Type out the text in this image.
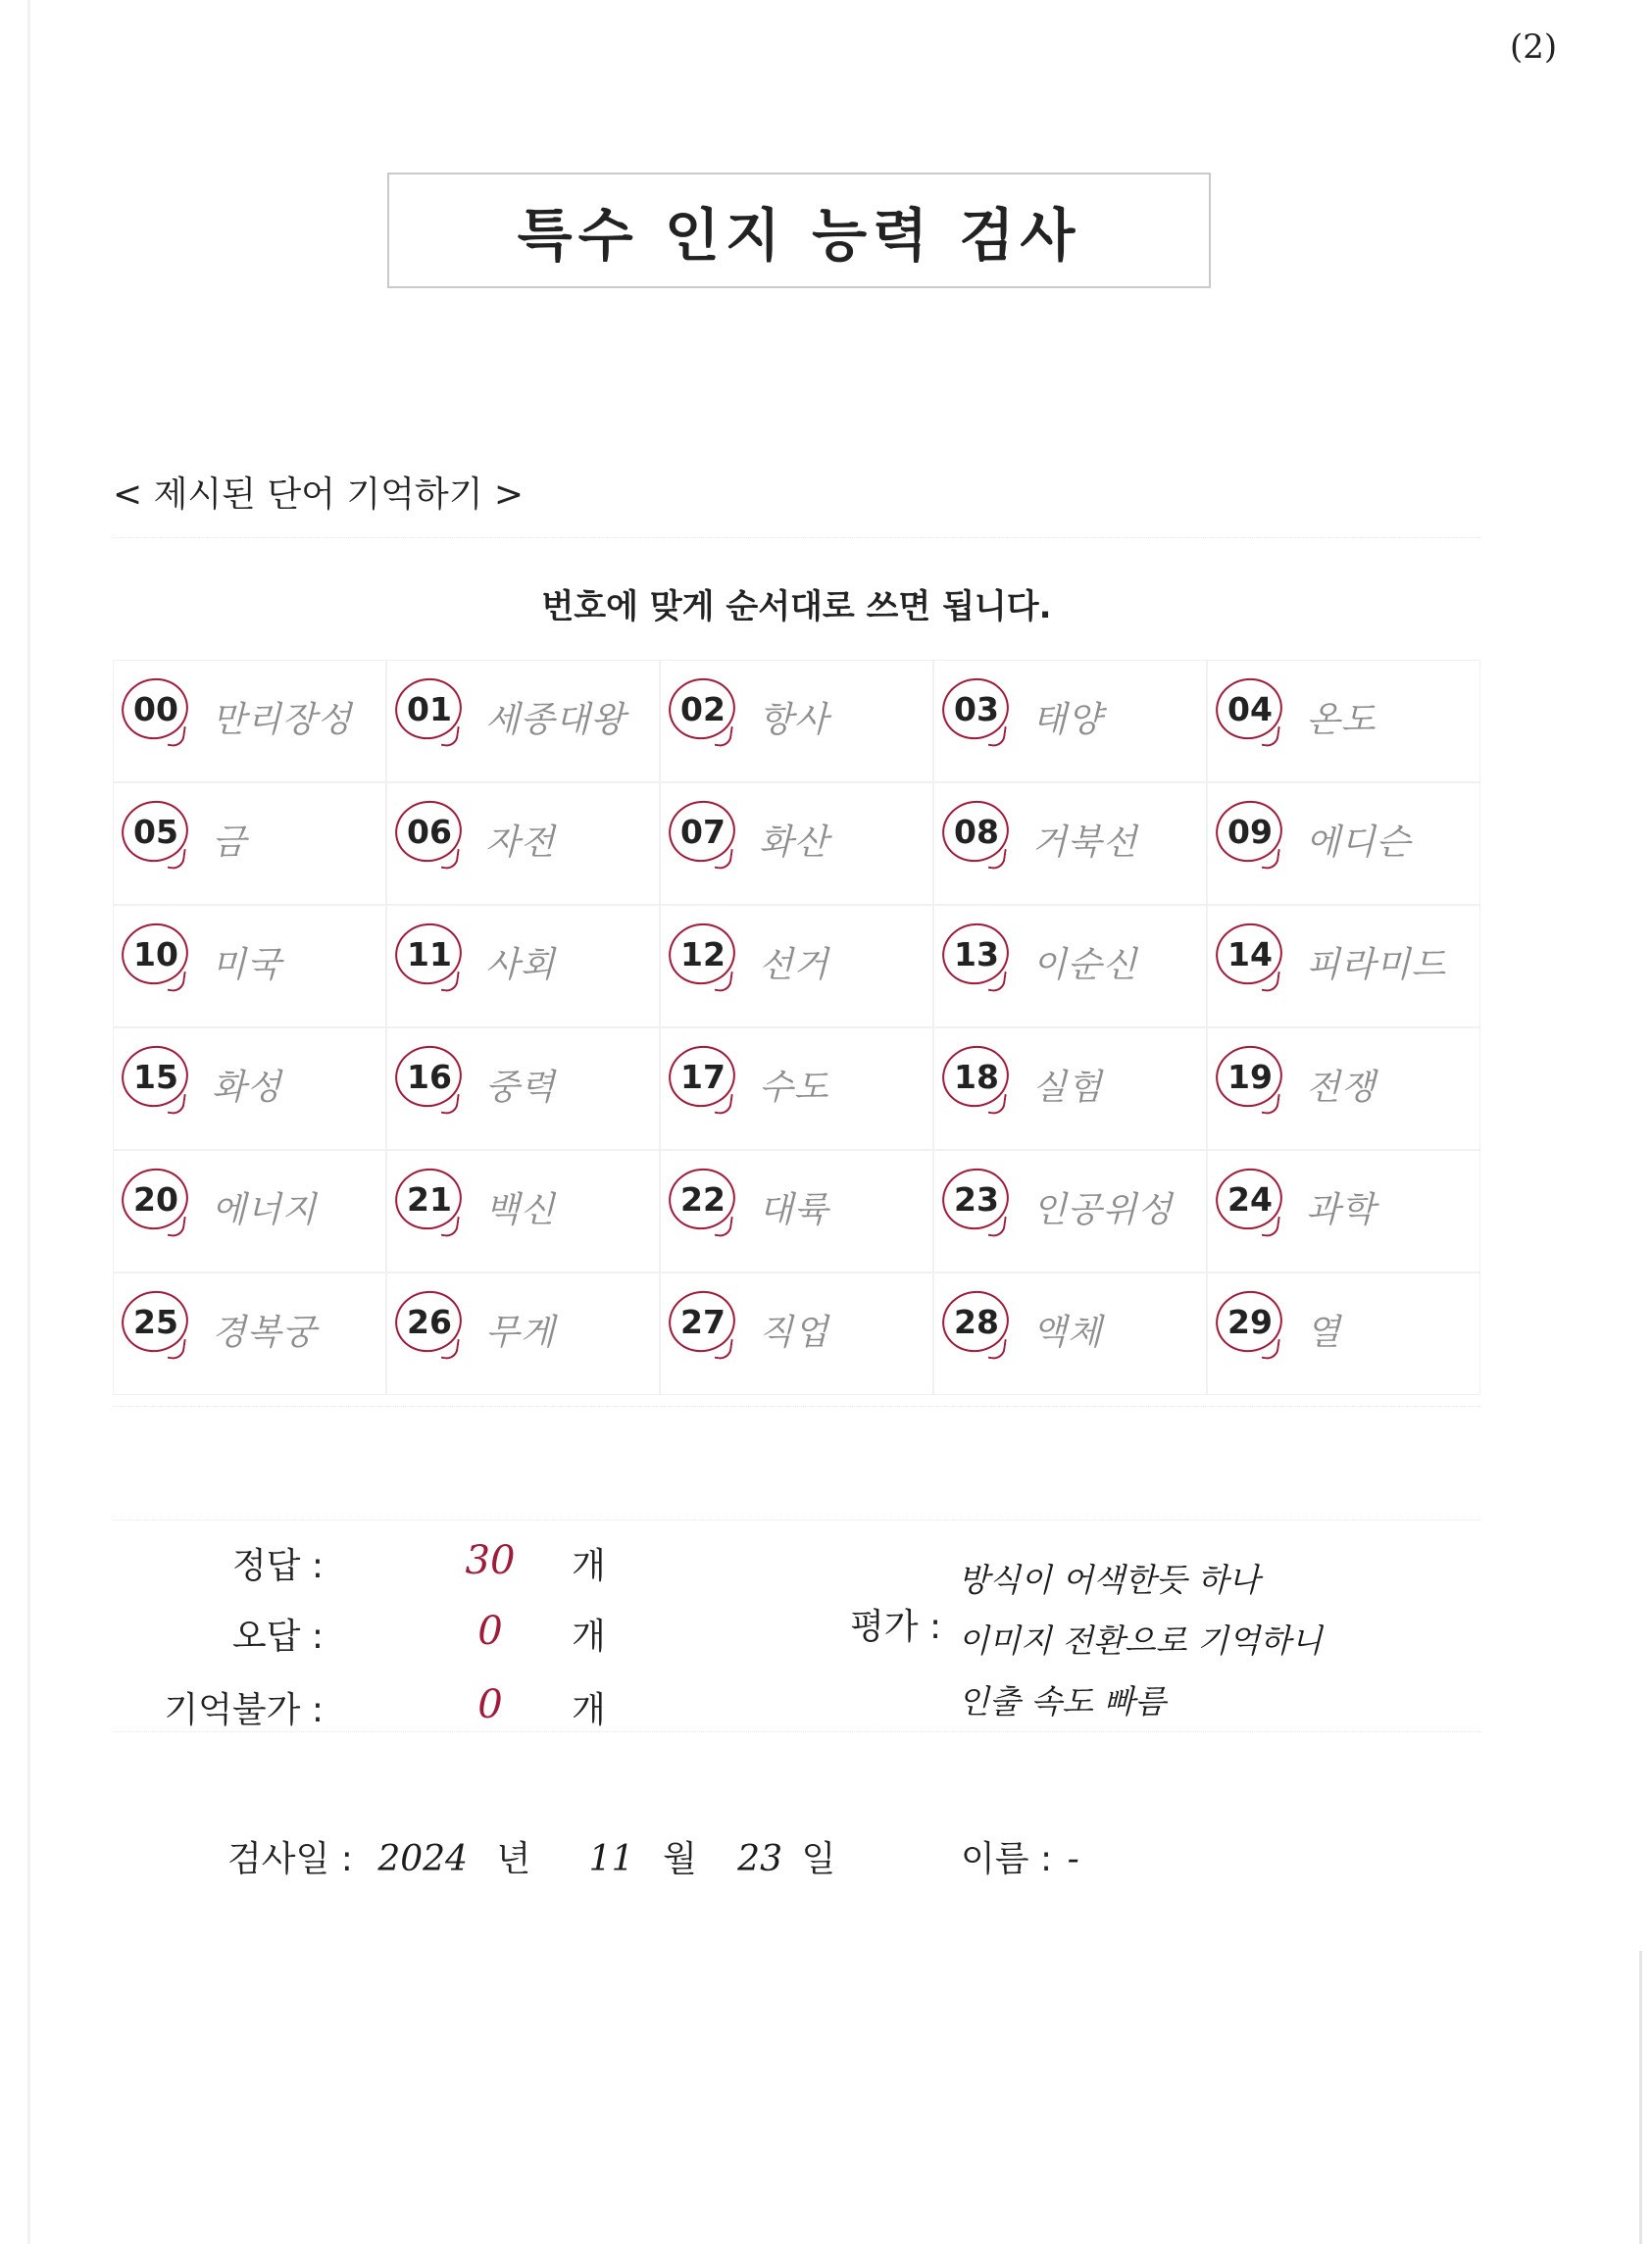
(2)
특수 인지 능력 검사
< 제시된 단어 기억하기 >
번호에 맞게 순서대로 쓰면 됩니다.
00 만리장성	01 세종대왕	02 항사	03 태양	04 온도
05 금	06 자전	07 화산	08 거북선	09 에디슨
10 미국	11 사회	12 선거	13 이순신	14 피라미드
15 화성	16 중력	17 수도	18 실험	19 전쟁
20 에너지	21 백신	22 대륙	23 인공위성	24 과학
25 경복궁	26 무게	27 직업	28 액체	29 열
정답 :	30	개
오답 :	0	개
기억불가 :	0	개
평가 :
방식이 어색한듯 하나
이미지 전환으로 기억하니
인출 속도 빠름
검사일 : 2024 년 11 월 23 일	이름 : -
